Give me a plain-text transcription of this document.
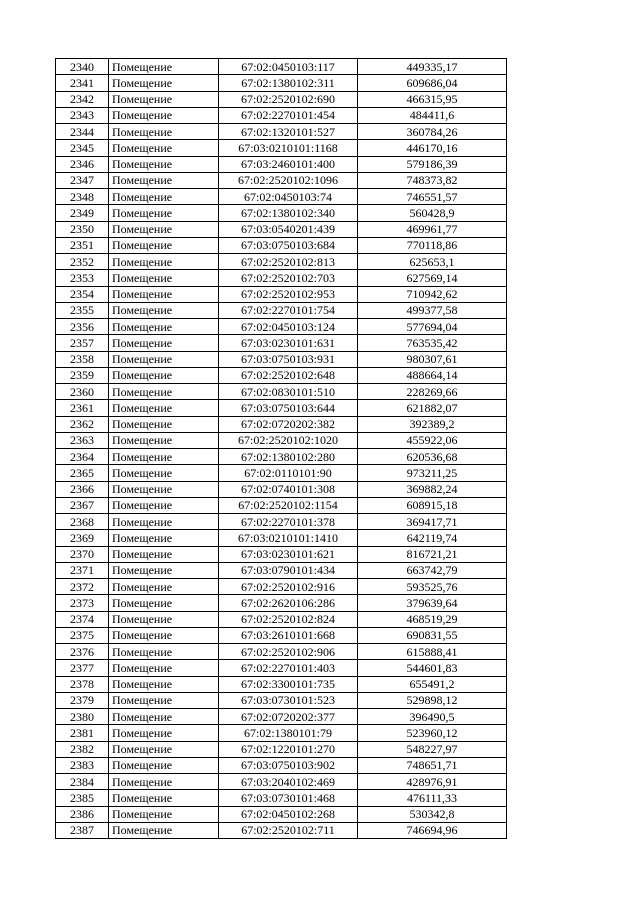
2340	Помещение	67:02:0450103:117	449335,17
2341	Помещение	67:02:1380102:311	609686,04
2342	Помещение	67:02:2520102:690	466315,95
2343	Помещение	67:02:2270101:454	484411,6
2344	Помещение	67:02:1320101:527	360784,26
2345	Помещение	67:03:0210101:1168	446170,16
2346	Помещение	67:03:2460101:400	579186,39
2347	Помещение	67:02:2520102:1096	748373,82
2348	Помещение	67:02:0450103:74	746551,57
2349	Помещение	67:02:1380102:340	560428,9
2350	Помещение	67:03:0540201:439	469961,77
2351	Помещение	67:03:0750103:684	770118,86
2352	Помещение	67:02:2520102:813	625653,1
2353	Помещение	67:02:2520102:703	627569,14
2354	Помещение	67:02:2520102:953	710942,62
2355	Помещение	67:02:2270101:754	499377,58
2356	Помещение	67:02:0450103:124	577694,04
2357	Помещение	67:03:0230101:631	763535,42
2358	Помещение	67:03:0750103:931	980307,61
2359	Помещение	67:02:2520102:648	488664,14
2360	Помещение	67:02:0830101:510	228269,66
2361	Помещение	67:03:0750103:644	621882,07
2362	Помещение	67:02:0720202:382	392389,2
2363	Помещение	67:02:2520102:1020	455922,06
2364	Помещение	67:02:1380102:280	620536,68
2365	Помещение	67:02:0110101:90	973211,25
2366	Помещение	67:02:0740101:308	369882,24
2367	Помещение	67:02:2520102:1154	608915,18
2368	Помещение	67:02:2270101:378	369417,71
2369	Помещение	67:03:0210101:1410	642119,74
2370	Помещение	67:03:0230101:621	816721,21
2371	Помещение	67:03:0790101:434	663742,79
2372	Помещение	67:02:2520102:916	593525,76
2373	Помещение	67:02:2620106:286	379639,64
2374	Помещение	67:02:2520102:824	468519,29
2375	Помещение	67:03:2610101:668	690831,55
2376	Помещение	67:02:2520102:906	615888,41
2377	Помещение	67:02:2270101:403	544601,83
2378	Помещение	67:02:3300101:735	655491,2
2379	Помещение	67:03:0730101:523	529898,12
2380	Помещение	67:02:0720202:377	396490,5
2381	Помещение	67:02:1380101:79	523960,12
2382	Помещение	67:02:1220101:270	548227,97
2383	Помещение	67:03:0750103:902	748651,71
2384	Помещение	67:03:2040102:469	428976,91
2385	Помещение	67:03:0730101:468	476111,33
2386	Помещение	67:02:0450102:268	530342,8
2387	Помещение	67:02:2520102:711	746694,96
